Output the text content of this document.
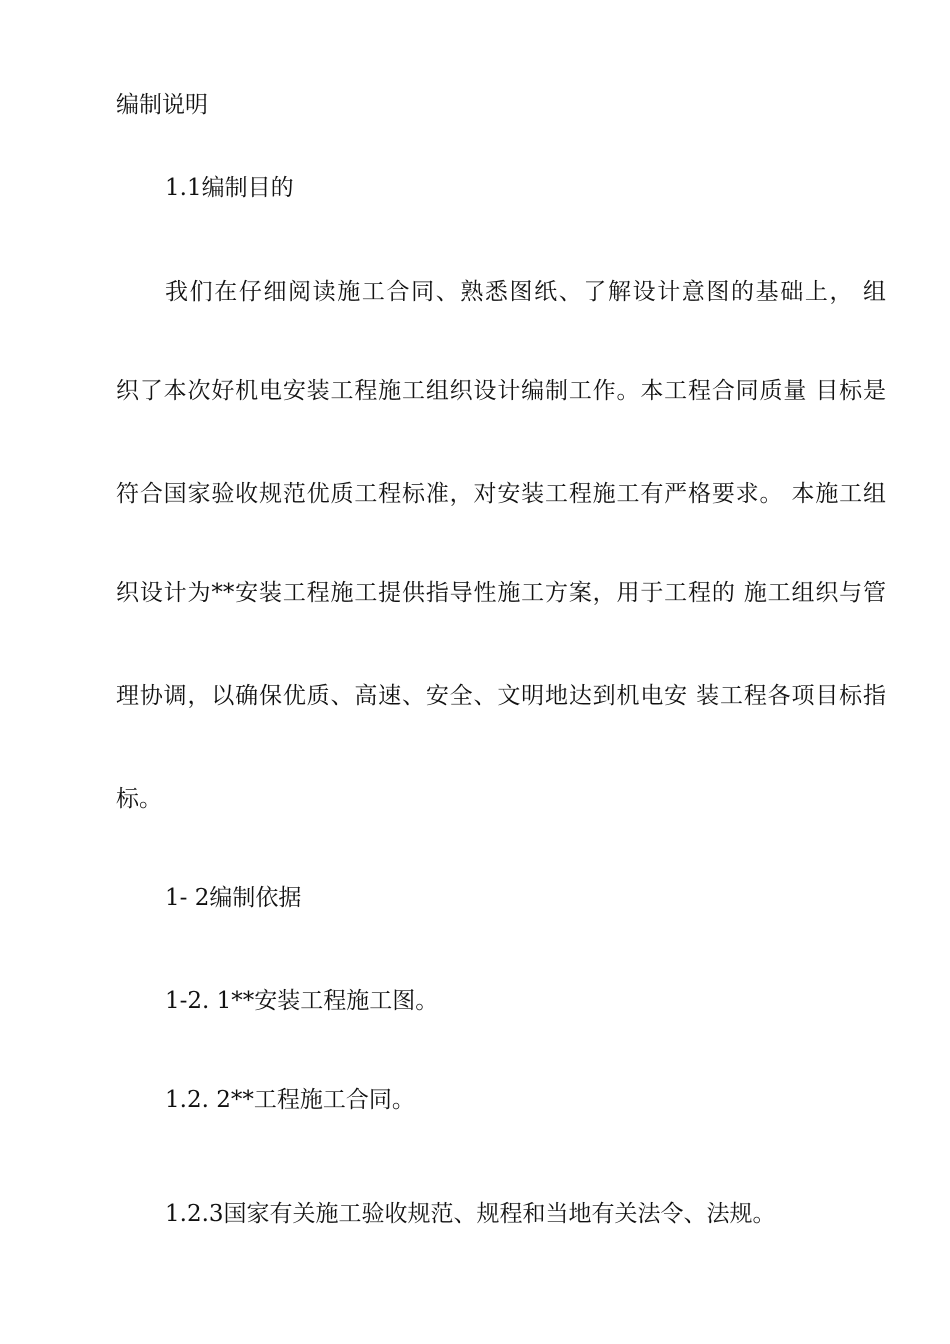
编制说明

1.1编制目的

我们在仔细阅读施工合同、熟悉图纸、了解设计意图的基础上， 组

织了本次好机电安装工程施工组织设计编制工作。本工程合同质量 目标是

符合国家验收规范优质工程标准，对安装工程施工有严格要求。 本施工组

织设计为**安装工程施工提供指导性施工方案，用于工程的 施工组织与管

理协调，以确保优质、高速、安全、文明地达到机电安 装工程各项目标指

标。

1- 2编制依据

1-2. 1**安装工程施工图。

1.2. 2**工程施工合同。

1.2.3国家有关施⼯验收规范、规程和当地有关法令、法规。
